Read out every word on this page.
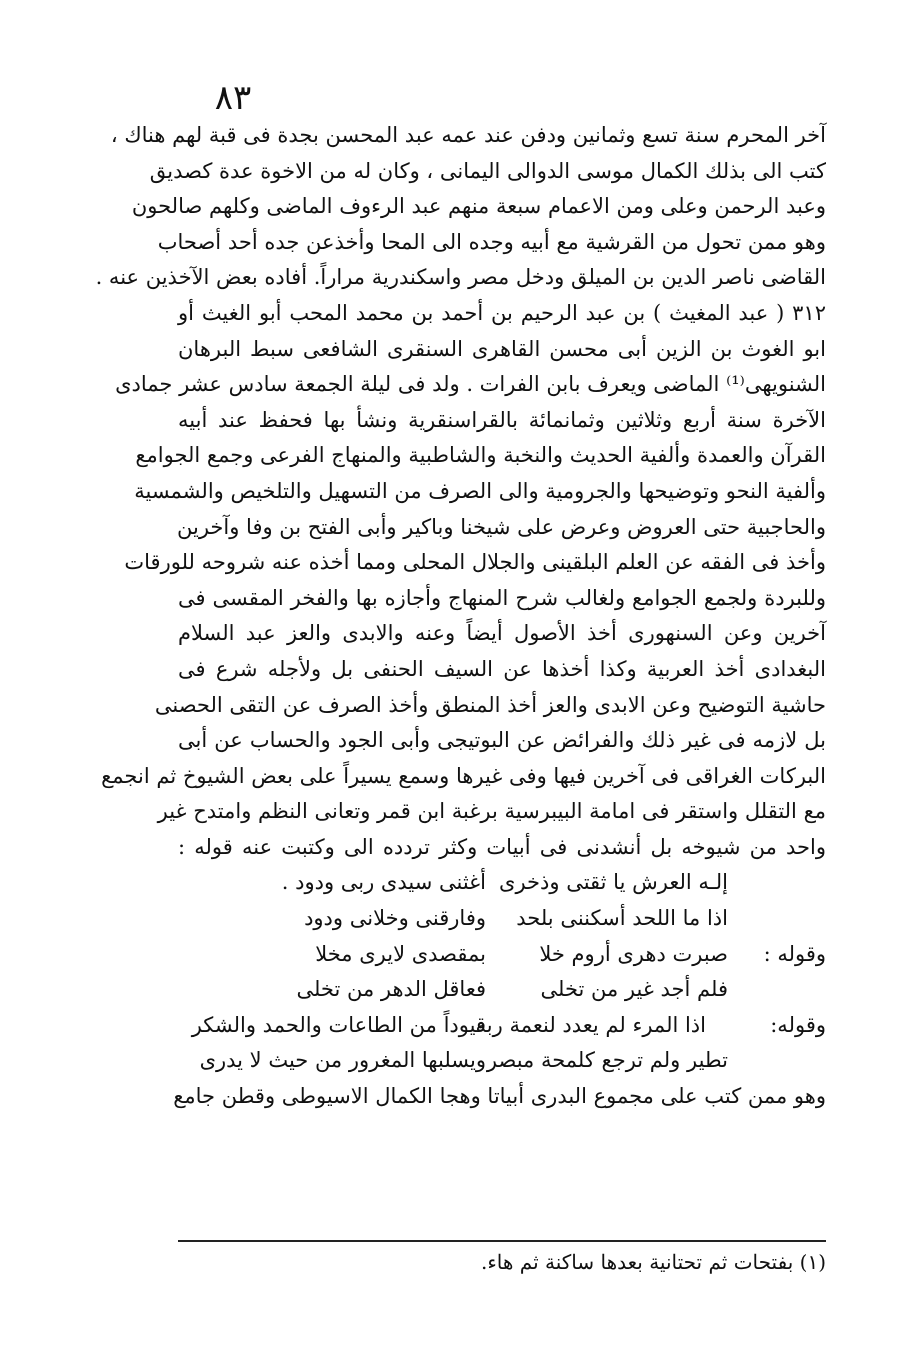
٨٣
آخر المحرم سنة تسع وثمانين ودفن عند عمه عبد المحسن بجدة فى قبة لهم هناك ،
كتب الى بذلك الكمال موسى الدوالى اليمانى ، وكان له من الاخوة عدة كصديق
وعبد الرحمن وعلى ومن الاعمام سبعة منهم عبد الرءوف الماضى وكلهم صالحون
وهو ممن تحول من القرشية مع أبيه وجده الى المحا وأخذعن جده أحد أصحاب
القاضى ناصر الدين بن الميلق ودخل مصر واسكندرية مراراً. أفاده بعض الآخذين عنه .
٣١٢ ( عبد المغيث ) بن عبد الرحيم بن أحمد بن محمد المحب أبو الغيث أو
ابو الغوث بن الزين أبى محسن القاهرى السنقرى الشافعى سبط البرهان
الشنويهى⁽¹⁾ الماضى ويعرف بابن الفرات . ولد فى ليلة الجمعة سادس عشر جمادى
الآخرة سنة أربع وثلاثين وثمانمائة بالقراسنقرية ونشأ بها فحفظ عند أبيه
القرآن والعمدة وألفية الحديث والنخبة والشاطبية والمنهاج الفرعى وجمع الجوامع
وألفية النحو وتوضيحها والجرومية والى الصرف من التسهيل والتلخيص والشمسية
والحاجبية حتى العروض وعرض على شيخنا وباكير وأبى الفتح بن وفا وآخرين
وأخذ فى الفقه عن العلم البلقينى والجلال المحلى ومما أخذه عنه شروحه للورقات
وللبردة ولجمع الجوامع ولغالب شرح المنهاج وأجازه بها والفخر المقسى فى
آخرين وعن السنهورى أخذ الأصول أيضاً وعنه والابدى والعز عبد السلام
البغدادى أخذ العربية وكذا أخذها عن السيف الحنفى بل ولأجله شرع فى
حاشية التوضيح وعن الابدى والعز أخذ المنطق وأخذ الصرف عن التقى الحصنى
بل لازمه فى غير ذلك والفرائض عن البوتيجى وأبى الجود والحساب عن أبى
البركات الغراقى فى آخرين فيها وفى غيرها وسمع يسيراً على بعض الشيوخ ثم انجمع
مع التقلل واستقر فى امامة البيبرسية برغبة ابن قمر وتعانى النظم وامتدح غير
واحد من شيوخه بل أنشدنى فى أبيات وكثر تردده الى وكتبت عنه قوله :
إلـه العرش يا ثقتى وذخرى
أغثنى سيدى ربى ودود .
اذا ما اللحد أسكننى بلحد
وفارقنى وخلانى ودود
وقوله :
صبرت دهرى أروم خلا
بمقصدى لايرى مخلا
فلم أجد غير من تخلى
فعاقل الدهر من تخلى
وقوله:
اذا المرء لم يعدد لنعمة ربه
قيوداً من الطاعات والحمد والشكر
تطير ولم ترجع كلمحة مبصر
ويسلبها المغرور من حيث لا يدرى
وهو ممن كتب على مجموع البدرى أبياتا وهجا الكمال الاسيوطى وقطن جامع
(١) بفتحات ثم تحتانية بعدها ساكنة ثم هاء.
